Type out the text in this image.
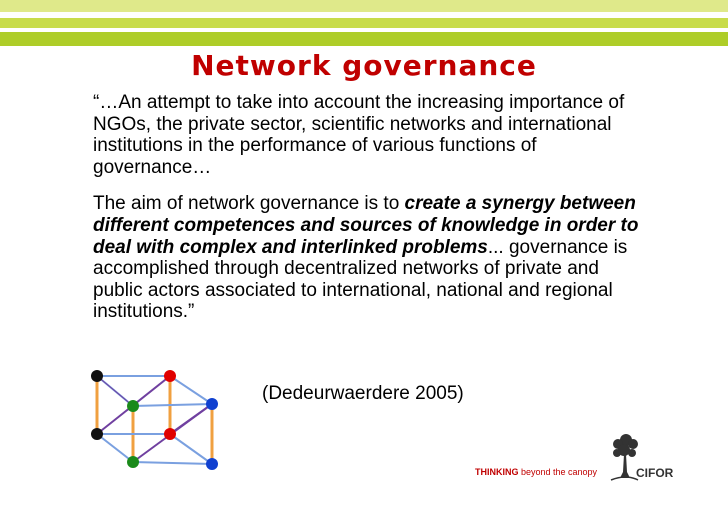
Network governance

“…An attempt to take into account the increasing importance of NGOs, the private sector, scientific networks and international institutions in the performance of various functions of governance…

The aim of network governance is to create a synergy between different competences and sources of knowledge in order to deal with complex and interlinked problems... governance is accomplished through decentralized networks of private and public actors associated to international, national and regional institutions.”

(Dedeurwaerdere 2005)
THINKING beyond the canopy	CIFOR
